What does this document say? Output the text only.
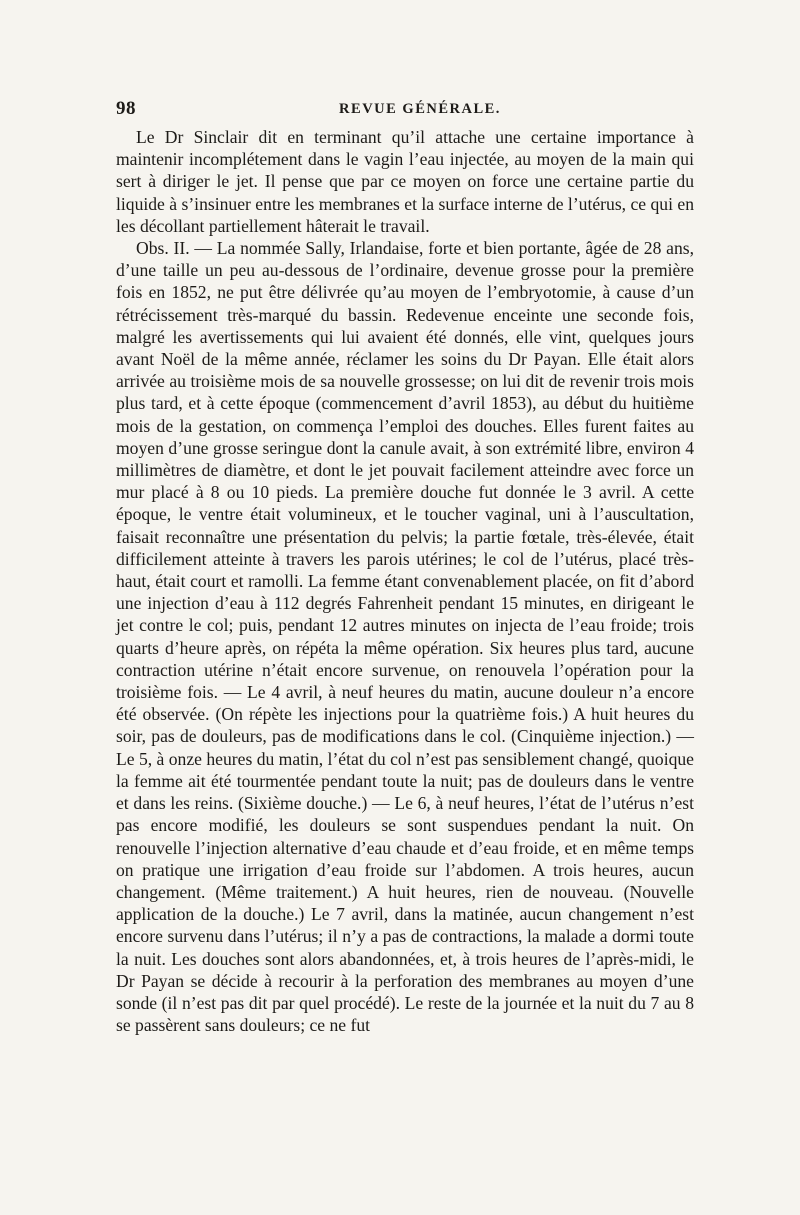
98	REVUE GÉNÉRALE.

Le Dr Sinclair dit en terminant qu’il attache une certaine importance à maintenir incomplétement dans le vagin l’eau injectée, au moyen de la main qui sert à diriger le jet. Il pense que par ce moyen on force une certaine partie du liquide à s’insinuer entre les membranes et la surface interne de l’utérus, ce qui en les décollant partiellement hâterait le travail.

Obs. II. — La nommée Sally, Irlandaise, forte et bien portante, âgée de 28 ans, d’une taille un peu au-dessous de l’ordinaire, devenue grosse pour la première fois en 1852, ne put être délivrée qu’au moyen de l’embryotomie, à cause d’un rétrécissement très-marqué du bassin. Redevenue enceinte une seconde fois, malgré les avertissements qui lui avaient été donnés, elle vint, quelques jours avant Noël de la même année, réclamer les soins du Dr Payan. Elle était alors arrivée au troisième mois de sa nouvelle grossesse; on lui dit de revenir trois mois plus tard, et à cette époque (commencement d’avril 1853), au début du huitième mois de la gestation, on commença l’emploi des douches. Elles furent faites au moyen d’une grosse seringue dont la canule avait, à son extrémité libre, environ 4 millimètres de diamètre, et dont le jet pouvait facilement atteindre avec force un mur placé à 8 ou 10 pieds. La première douche fut donnée le 3 avril. A cette époque, le ventre était volumineux, et le toucher vaginal, uni à l’auscultation, faisait reconnaître une présentation du pelvis; la partie fœtale, très-élevée, était difficilement atteinte à travers les parois utérines; le col de l’utérus, placé très-haut, était court et ramolli. La femme étant convenablement placée, on fit d’abord une injection d’eau à 112 degrés Fahrenheit pendant 15 minutes, en dirigeant le jet contre le col; puis, pendant 12 autres minutes on injecta de l’eau froide; trois quarts d’heure après, on répéta la même opération. Six heures plus tard, aucune contraction utérine n’était encore survenue, on renouvela l’opération pour la troisième fois. — Le 4 avril, à neuf heures du matin, aucune douleur n’a encore été observée. (On répète les injections pour la quatrième fois.) A huit heures du soir, pas de douleurs, pas de modifications dans le col. (Cinquième injection.) — Le 5, à onze heures du matin, l’état du col n’est pas sensiblement changé, quoique la femme ait été tourmentée pendant toute la nuit; pas de douleurs dans le ventre et dans les reins. (Sixième douche.) — Le 6, à neuf heures, l’état de l’utérus n’est pas encore modifié, les douleurs se sont suspendues pendant la nuit. On renouvelle l’injection alternative d’eau chaude et d’eau froide, et en même temps on pratique une irrigation d’eau froide sur l’abdomen. A trois heures, aucun changement. (Même traitement.) A huit heures, rien de nouveau. (Nouvelle application de la douche.) Le 7 avril, dans la matinée, aucun changement n’est encore survenu dans l’utérus; il n’y a pas de contractions, la malade a dormi toute la nuit. Les douches sont alors abandonnées, et, à trois heures de l’après-midi, le Dr Payan se décide à recourir à la perforation des membranes au moyen d’une sonde (il n’est pas dit par quel procédé). Le reste de la journée et la nuit du 7 au 8 se passèrent sans douleurs; ce ne fut
